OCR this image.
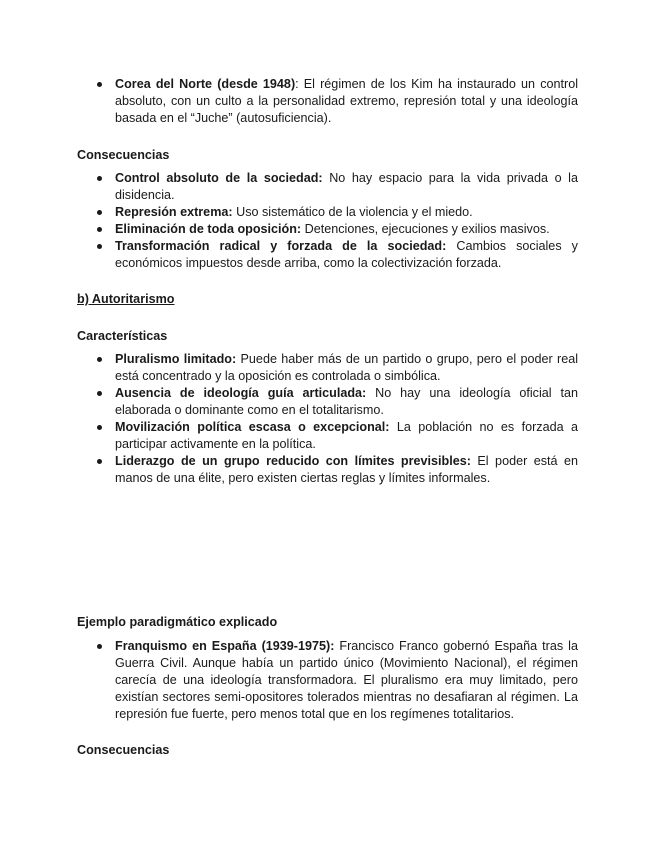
Corea del Norte (desde 1948): El régimen de los Kim ha instaurado un control absoluto, con un culto a la personalidad extremo, represión total y una ideología basada en el “Juche” (autosuficiencia).

Consecuencias

Control absoluto de la sociedad: No hay espacio para la vida privada o la disidencia.
Represión extrema: Uso sistemático de la violencia y el miedo.
Eliminación de toda oposición: Detenciones, ejecuciones y exilios masivos.
Transformación radical y forzada de la sociedad: Cambios sociales y económicos impuestos desde arriba, como la colectivización forzada.

b) Autoritarismo

Características

Pluralismo limitado: Puede haber más de un partido o grupo, pero el poder real está concentrado y la oposición es controlada o simbólica.
Ausencia de ideología guía articulada: No hay una ideología oficial tan elaborada o dominante como en el totalitarismo.
Movilización política escasa o excepcional: La población no es forzada a participar activamente en la política.
Liderazgo de un grupo reducido con límites previsibles: El poder está en manos de una élite, pero existen ciertas reglas y límites informales.

Ejemplo paradigmático explicado

Franquismo en España (1939-1975): Francisco Franco gobernó España tras la Guerra Civil. Aunque había un partido único (Movimiento Nacional), el régimen carecía de una ideología transformadora. El pluralismo era muy limitado, pero existían sectores semi-opositores tolerados mientras no desafiaran al régimen. La represión fue fuerte, pero menos total que en los regímenes totalitarios.

Consecuencias
